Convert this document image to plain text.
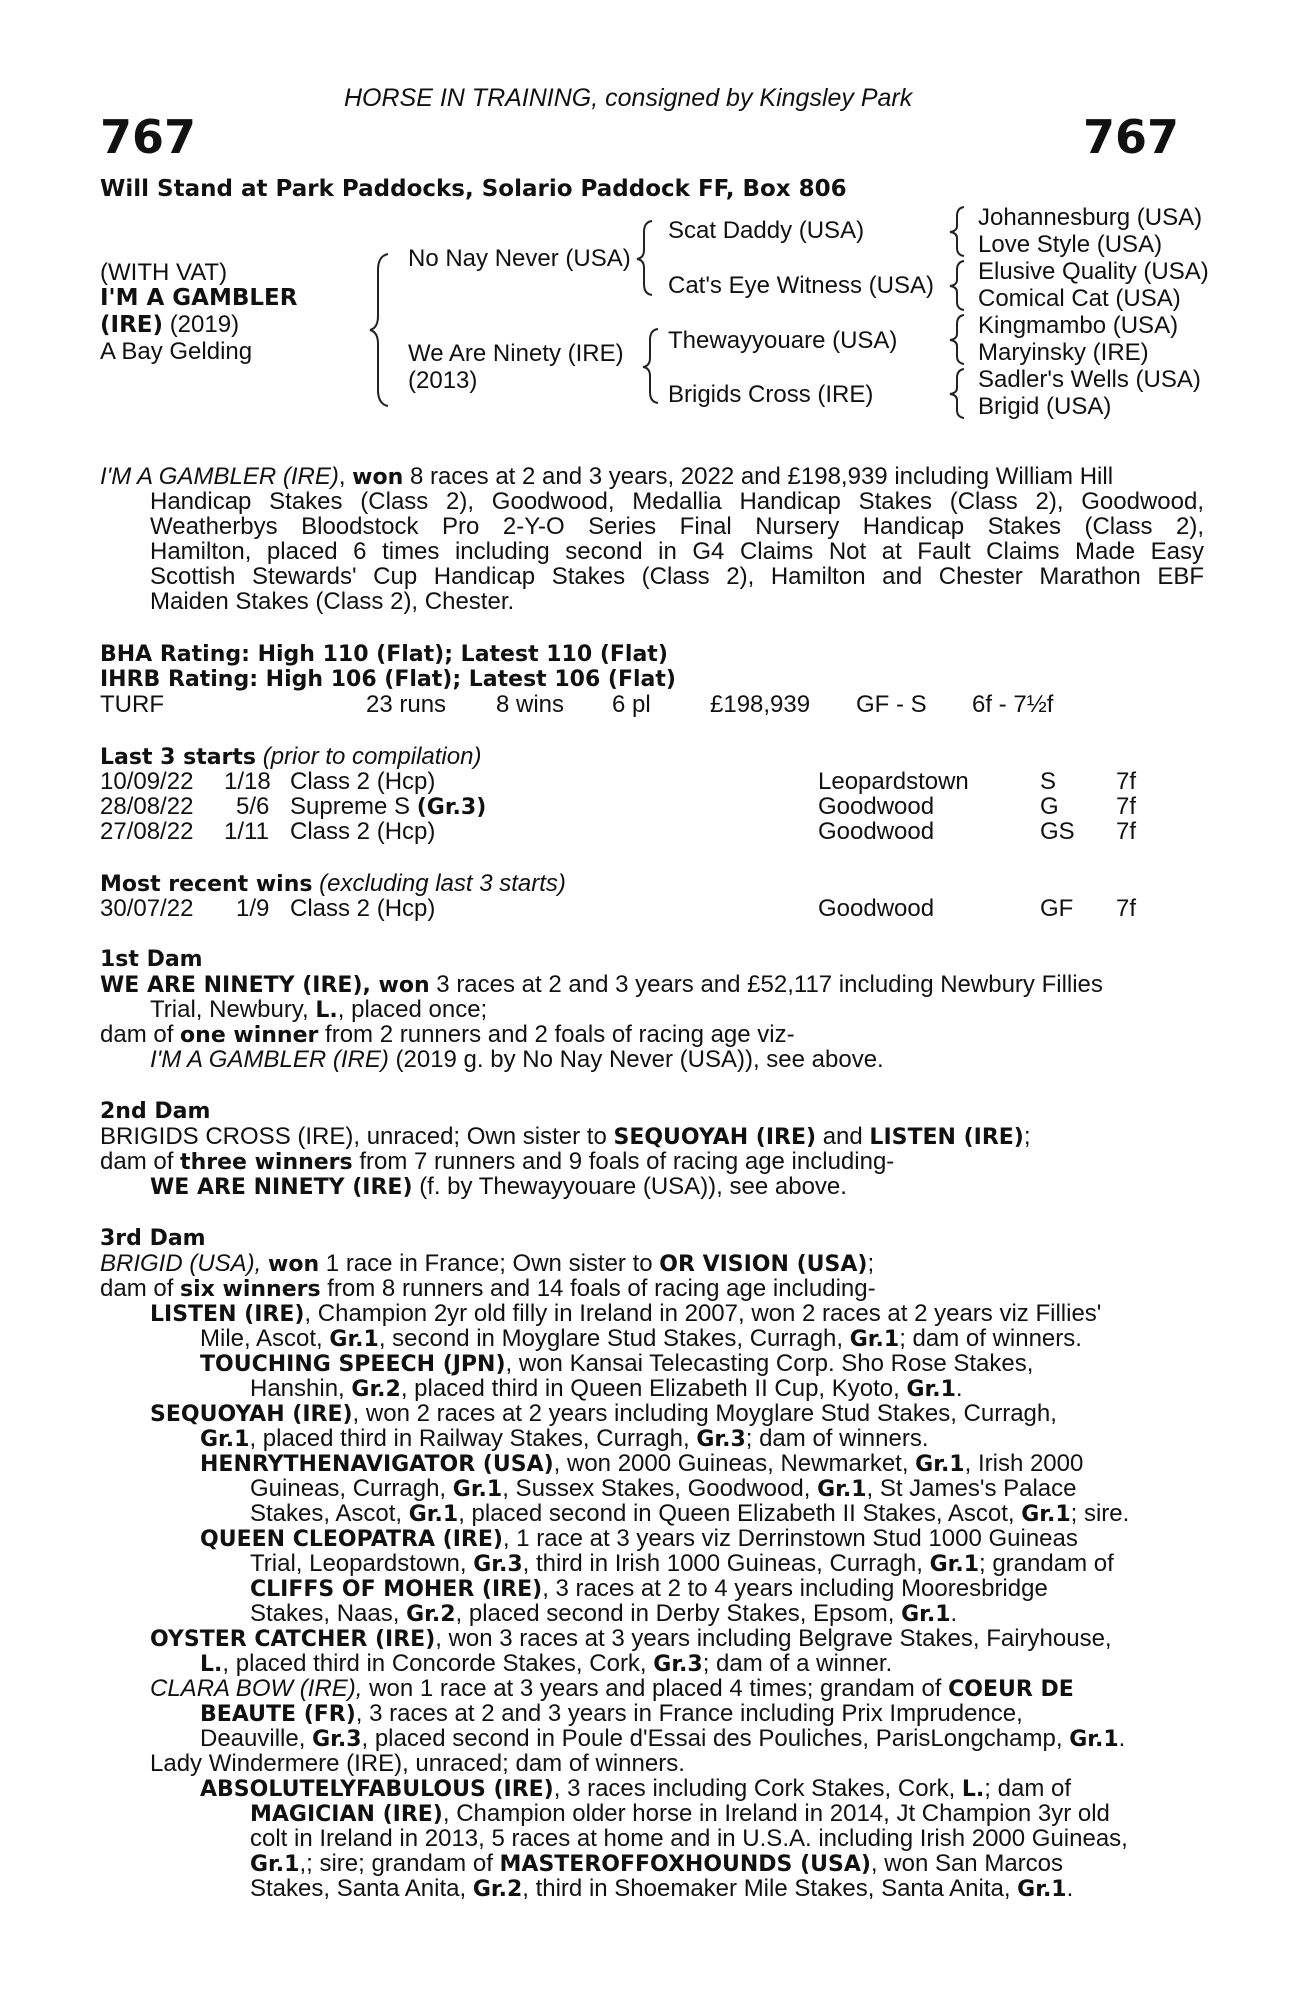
HORSE IN TRAINING, consigned by Kingsley Park
767	767
Will Stand at Park Paddocks, Solario Paddock FF, Box 806
(WITH VAT)
I'M A GAMBLER
(IRE) (2019)
A Bay Gelding
No Nay Never (USA)
We Are Ninety (IRE)
(2013)
Scat Daddy (USA)
Cat's Eye Witness (USA)
Thewayyouare (USA)
Brigids Cross (IRE)
Johannesburg (USA)
Love Style (USA)
Elusive Quality (USA)
Comical Cat (USA)
Kingmambo (USA)
Maryinsky (IRE)
Sadler's Wells (USA)
Brigid (USA)
I'M A GAMBLER (IRE), won 8 races at 2 and 3 years, 2022 and £198,939 including William Hill
Handicap Stakes (Class 2), Goodwood, Medallia Handicap Stakes (Class 2), Goodwood,
Weatherbys Bloodstock Pro 2-Y-O Series Final Nursery Handicap Stakes (Class 2),
Hamilton, placed 6 times including second in G4 Claims Not at Fault Claims Made Easy
Scottish Stewards' Cup Handicap Stakes (Class 2), Hamilton and Chester Marathon EBF
Maiden Stakes (Class 2), Chester.
BHA Rating: High 110 (Flat); Latest 110 (Flat)
IHRB Rating: High 106 (Flat); Latest 106 (Flat)
TURF	23 runs 8 wins 6 pl £198,939 GF - S 6f - 7½f
Last 3 starts (prior to compilation)
10/09/22 1/18 Class 2 (Hcp)	Leopardstown	S 7f
28/08/22 5/6 Supreme S (Gr.3)	Goodwood	G 7f
27/08/22 1/11 Class 2 (Hcp)	Goodwood	GS 7f
Most recent wins (excluding last 3 starts)
30/07/22 1/9 Class 2 (Hcp)	Goodwood	GF 7f
1st Dam
WE ARE NINETY (IRE), won 3 races at 2 and 3 years and £52,117 including Newbury Fillies
Trial, Newbury, L., placed once;
dam of one winner from 2 runners and 2 foals of racing age viz-
I'M A GAMBLER (IRE) (2019 g. by No Nay Never (USA)), see above.
2nd Dam
BRIGIDS CROSS (IRE), unraced; Own sister to SEQUOYAH (IRE) and LISTEN (IRE);
dam of three winners from 7 runners and 9 foals of racing age including-
WE ARE NINETY (IRE) (f. by Thewayyouare (USA)), see above.
3rd Dam
BRIGID (USA), won 1 race in France; Own sister to OR VISION (USA);
dam of six winners from 8 runners and 14 foals of racing age including-
LISTEN (IRE), Champion 2yr old filly in Ireland in 2007, won 2 races at 2 years viz Fillies'
Mile, Ascot, Gr.1, second in Moyglare Stud Stakes, Curragh, Gr.1; dam of winners.
TOUCHING SPEECH (JPN), won Kansai Telecasting Corp. Sho Rose Stakes,
Hanshin, Gr.2, placed third in Queen Elizabeth II Cup, Kyoto, Gr.1.
SEQUOYAH (IRE), won 2 races at 2 years including Moyglare Stud Stakes, Curragh,
Gr.1, placed third in Railway Stakes, Curragh, Gr.3; dam of winners.
HENRYTHENAVIGATOR (USA), won 2000 Guineas, Newmarket, Gr.1, Irish 2000
Guineas, Curragh, Gr.1, Sussex Stakes, Goodwood, Gr.1, St James's Palace
Stakes, Ascot, Gr.1, placed second in Queen Elizabeth II Stakes, Ascot, Gr.1; sire.
QUEEN CLEOPATRA (IRE), 1 race at 3 years viz Derrinstown Stud 1000 Guineas
Trial, Leopardstown, Gr.3, third in Irish 1000 Guineas, Curragh, Gr.1; grandam of
CLIFFS OF MOHER (IRE), 3 races at 2 to 4 years including Mooresbridge
Stakes, Naas, Gr.2, placed second in Derby Stakes, Epsom, Gr.1.
OYSTER CATCHER (IRE), won 3 races at 3 years including Belgrave Stakes, Fairyhouse,
L., placed third in Concorde Stakes, Cork, Gr.3; dam of a winner.
CLARA BOW (IRE), won 1 race at 3 years and placed 4 times; grandam of COEUR DE
BEAUTE (FR), 3 races at 2 and 3 years in France including Prix Imprudence,
Deauville, Gr.3, placed second in Poule d'Essai des Pouliches, ParisLongchamp, Gr.1.
Lady Windermere (IRE), unraced; dam of winners.
ABSOLUTELYFABULOUS (IRE), 3 races including Cork Stakes, Cork, L.; dam of
MAGICIAN (IRE), Champion older horse in Ireland in 2014, Jt Champion 3yr old
colt in Ireland in 2013, 5 races at home and in U.S.A. including Irish 2000 Guineas,
Gr.1,; sire; grandam of MASTEROFFOXHOUNDS (USA), won San Marcos
Stakes, Santa Anita, Gr.2, third in Shoemaker Mile Stakes, Santa Anita, Gr.1.
